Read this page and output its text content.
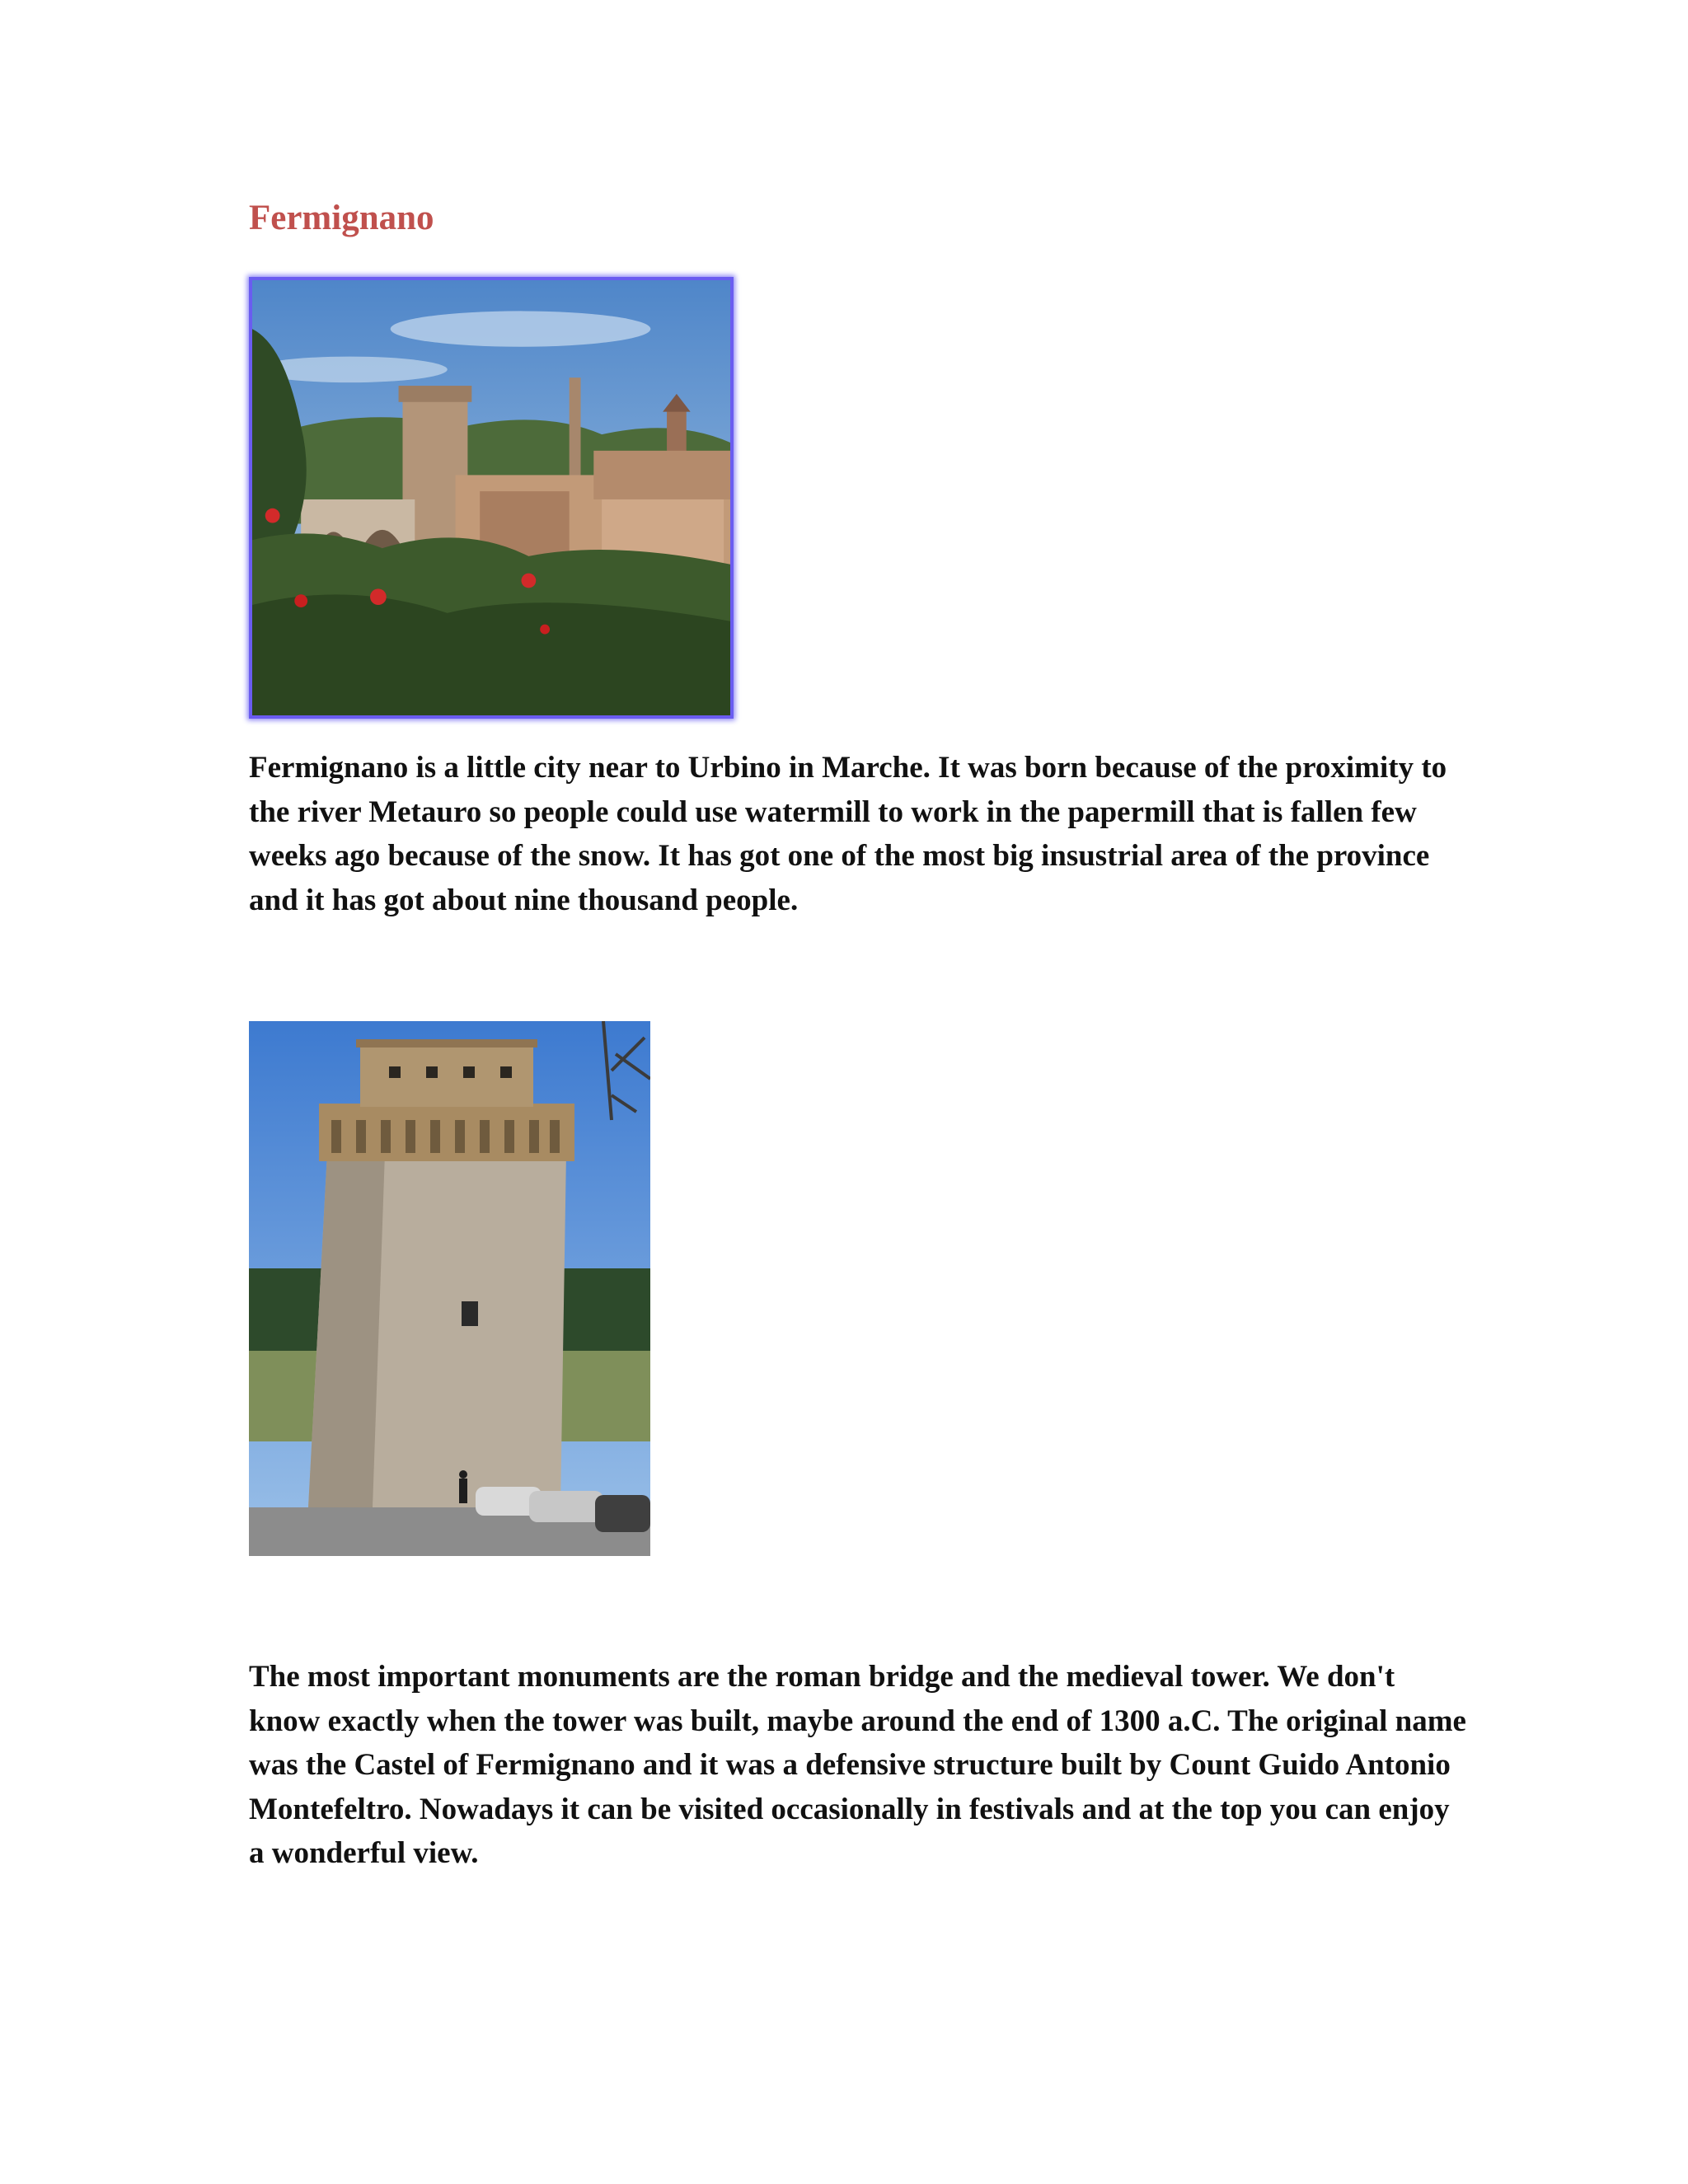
Fermignano

Fermignano is a little city near to Urbino in Marche. It was born because of the proximity to the river Metauro so people could use watermill to work in the papermill that is fallen few weeks ago because of the snow. It has got one of the most big insustrial area of the province and it has got about nine thousand people.

The most important monuments are the roman bridge and the medieval tower. We don't know exactly when the tower was built, maybe around the end of 1300 a.C. The original name was the Castel of Fermignano and it was a defensive structure built by Count Guido Antonio Montefeltro. Nowadays it can be visited occasionally in festivals and at the top you can enjoy a wonderful view.
